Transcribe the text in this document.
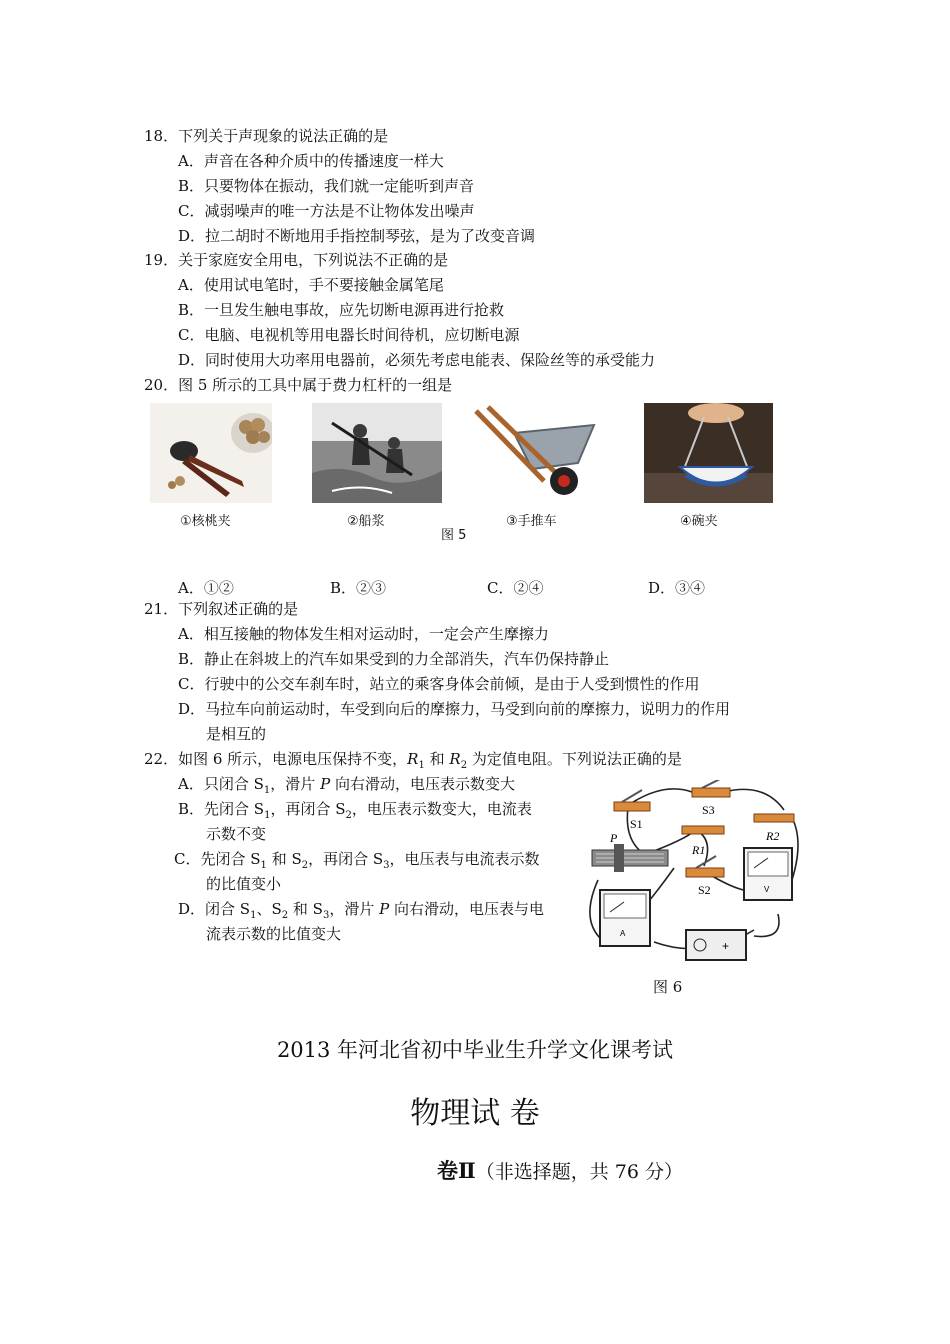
18．下列关于声现象的说法正确的是
A．声音在各种介质中的传播速度一样大
B．只要物体在振动，我们就一定能听到声音
C．减弱噪声的唯一方法是不让物体发出噪声
D．拉二胡时不断地用手指控制琴弦，是为了改变音调
19．关于家庭安全用电，下列说法不正确的是
A．使用试电笔时，手不要接触金属笔尾
B．一旦发生触电事故，应先切断电源再进行抢救
C．电脑、电视机等用电器长时间待机，应切断电源
D．同时使用大功率用电器前，必须先考虑电能表、保险丝等的承受能力
20．图 5 所示的工具中属于费力杠杆的一组是
①核桃夹	②船浆	③手推车	④碗夹
图 5
A．①②	B．②③	C．②④	D．③④
21．下列叙述正确的是
A．相互接触的物体发生相对运动时，一定会产生摩擦力
B．静止在斜坡上的汽车如果受到的力全部消失，汽车仍保持静止
C．行驶中的公交车刹车时，站立的乘客身体会前倾，是由于人受到惯性的作用
D．马拉车向前运动时，车受到向后的摩擦力，马受到向前的摩擦力，说明力的作用
是相互的
22．如图 6 所示，电源电压保持不变，$R_1$ 和 $R_2$ 为定值电阻。下列说法正确的是
A．只闭合 $S_1$，滑片 P 向右滑动，电压表示数变大
B．先闭合 $S_1$，再闭合 $S_2$，电压表示数变大，电流表
示数不变
C．先闭合 $S_1$ 和 $S_2$，再闭合 $S_3$，电压表与电流表示数
的比值变小
D．闭合 $S_1$、$S_2$ 和 $S_3$，滑片 P 向右滑动，电压表与电
流表示数的比值变大
S1
S3
R2
R1
P
S2	V
A
+
图 6
2013 年河北省初中毕业生升学文化课考试
物理试 卷
卷Ⅱ（非选择题，共 76 分）
